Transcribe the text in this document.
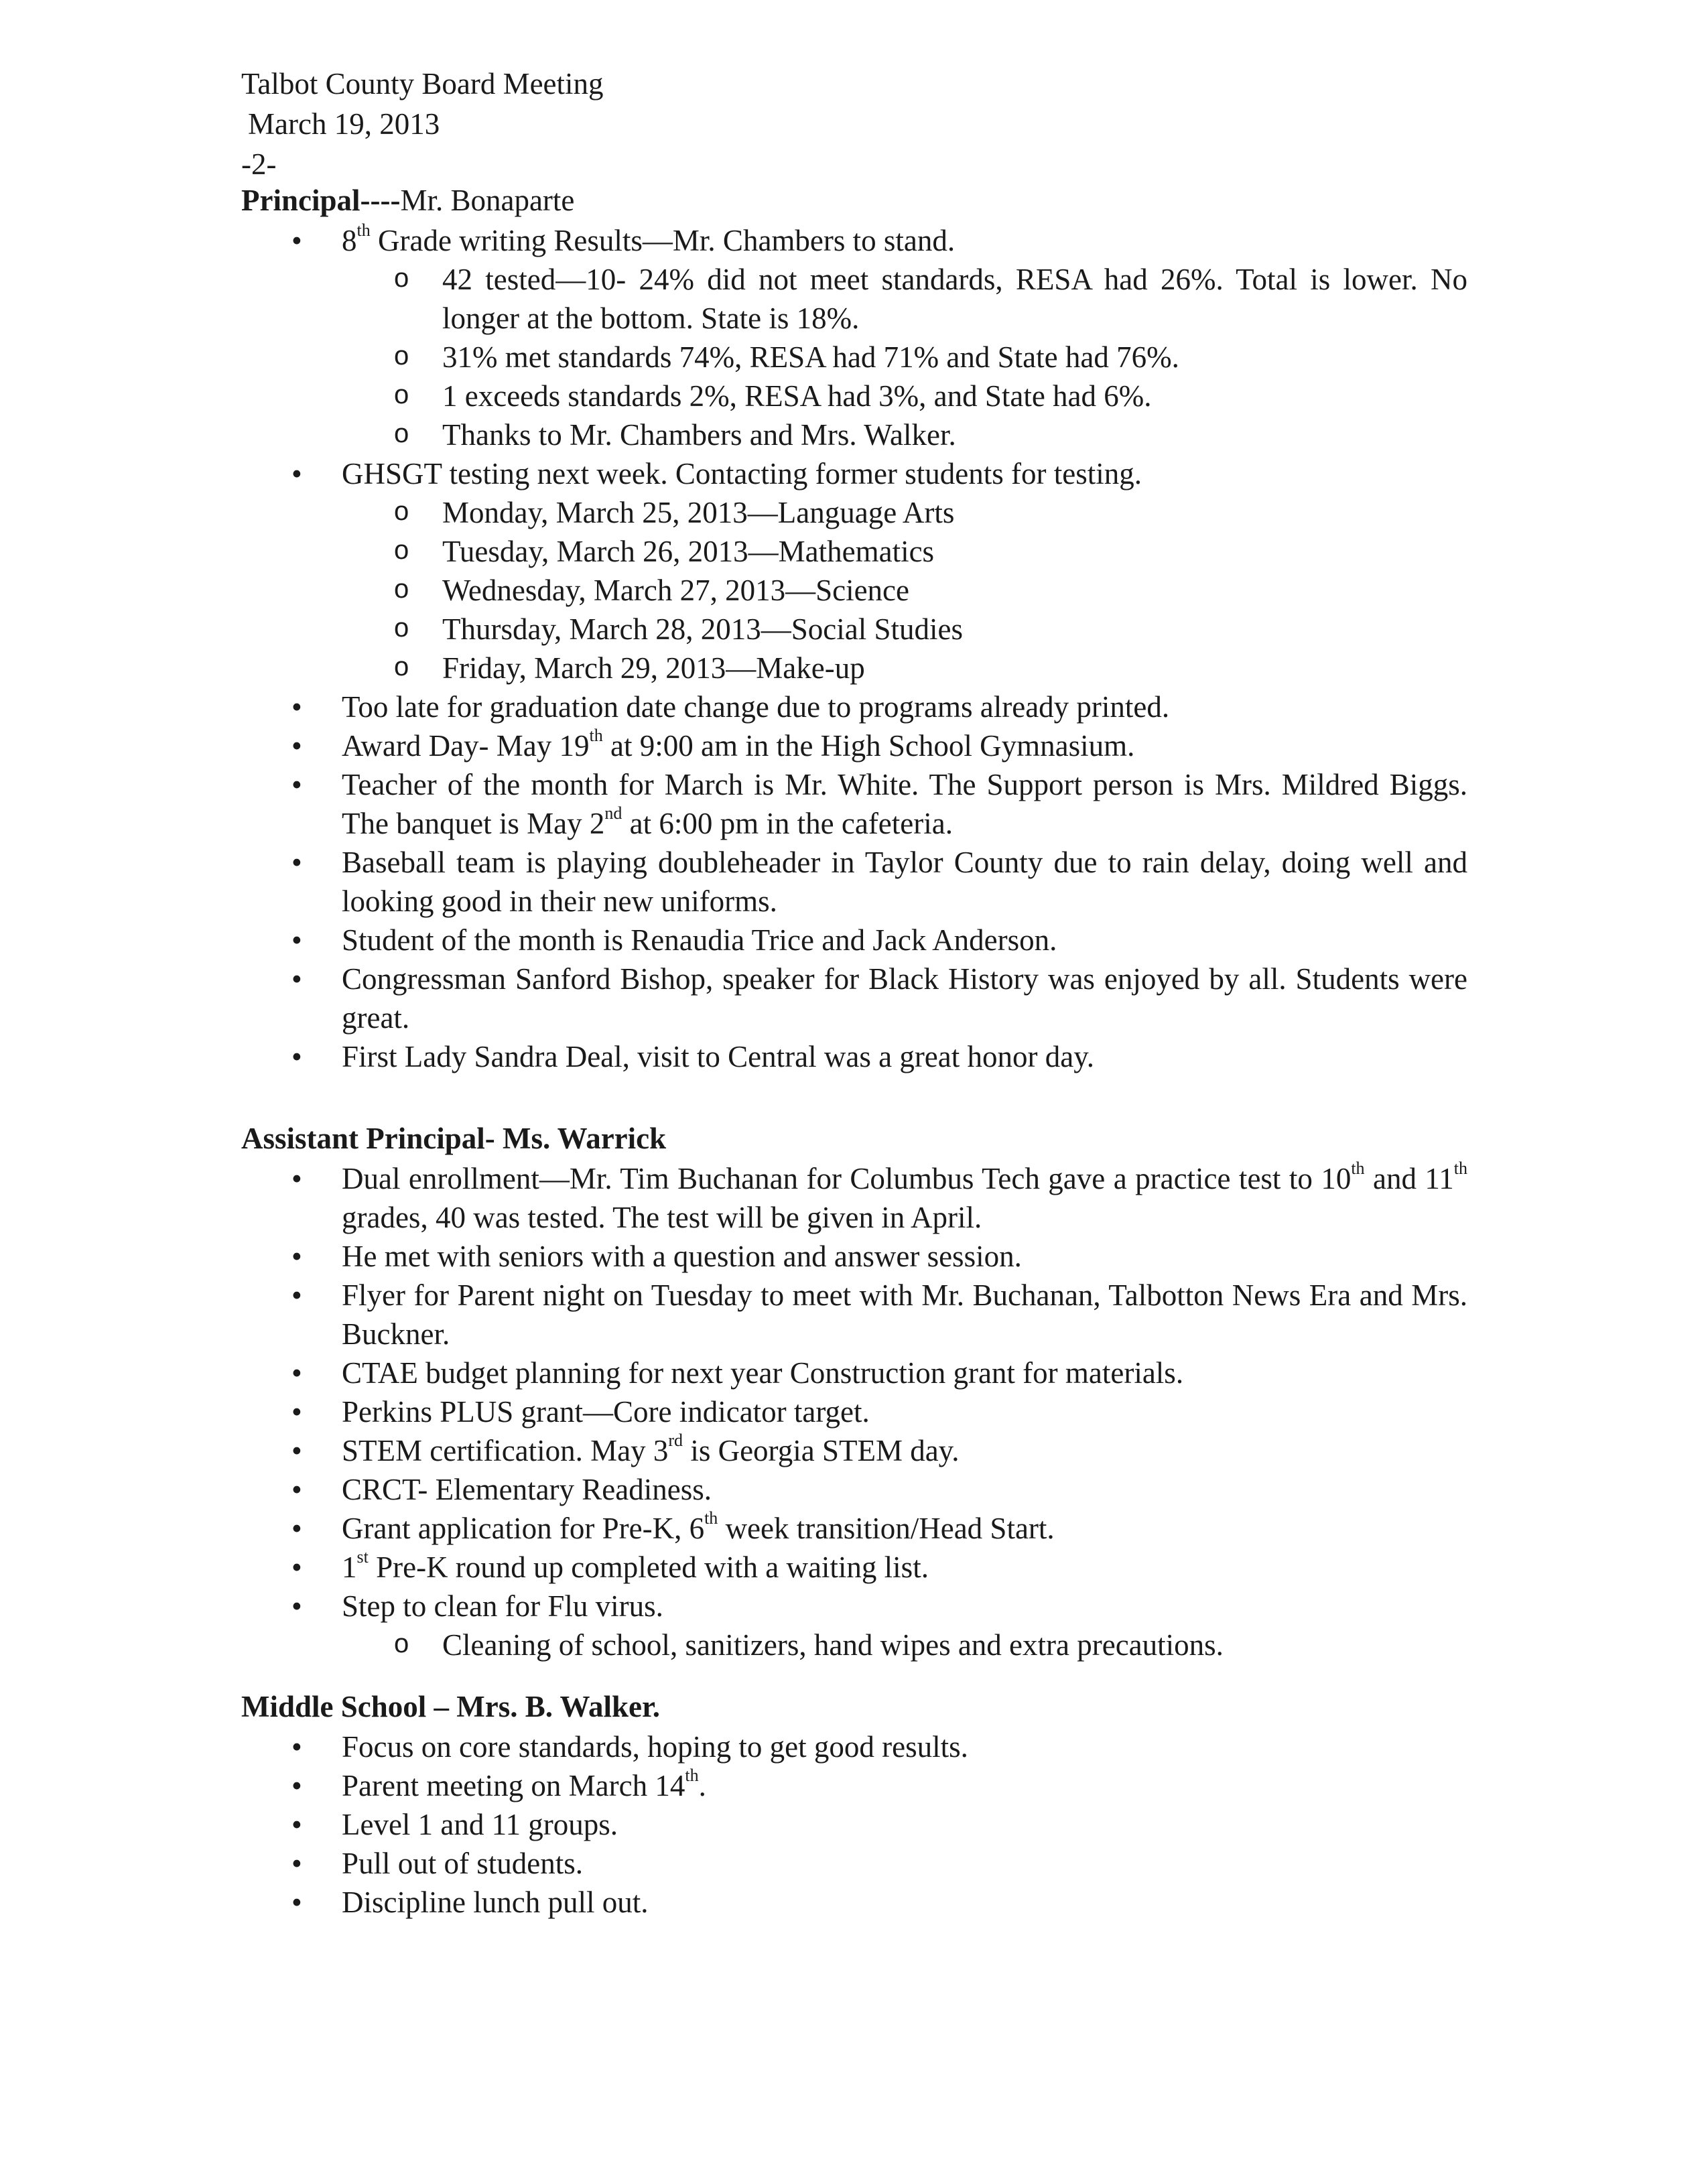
Talbot County Board Meeting
March 19, 2013
-2-
Principal----Mr. Bonaparte
• 8th Grade writing Results—Mr. Chambers to stand.
o 42 tested—10- 24% did not meet standards, RESA had 26%. Total is lower. No longer at the bottom. State is 18%.
o 31% met standards 74%, RESA had 71% and State had 76%.
o 1 exceeds standards 2%, RESA had 3%, and State had 6%.
o Thanks to Mr. Chambers and Mrs. Walker.
• GHSGT testing next week. Contacting former students for testing.
o Monday, March 25, 2013—Language Arts
o Tuesday, March 26, 2013—Mathematics
o Wednesday, March 27, 2013—Science
o Thursday, March 28, 2013—Social Studies
o Friday, March 29, 2013—Make-up
• Too late for graduation date change due to programs already printed.
• Award Day- May 19th at 9:00 am in the High School Gymnasium.
• Teacher of the month for March is Mr. White. The Support person is Mrs. Mildred Biggs. The banquet is May 2nd at 6:00 pm in the cafeteria.
• Baseball team is playing doubleheader in Taylor County due to rain delay, doing well and looking good in their new uniforms.
• Student of the month is Renaudia Trice and Jack Anderson.
• Congressman Sanford Bishop, speaker for Black History was enjoyed by all. Students were great.
• First Lady Sandra Deal, visit to Central was a great honor day.
Assistant Principal- Ms. Warrick
• Dual enrollment—Mr. Tim Buchanan for Columbus Tech gave a practice test to 10th and 11th grades, 40 was tested. The test will be given in April.
• He met with seniors with a question and answer session.
• Flyer for Parent night on Tuesday to meet with Mr. Buchanan, Talbotton News Era and Mrs. Buckner.
• CTAE budget planning for next year Construction grant for materials.
• Perkins PLUS grant—Core indicator target.
• STEM certification. May 3rd is Georgia STEM day.
• CRCT- Elementary Readiness.
• Grant application for Pre-K, 6th week transition/Head Start.
• 1st Pre-K round up completed with a waiting list.
• Step to clean for Flu virus.
o Cleaning of school, sanitizers, hand wipes and extra precautions.
Middle School – Mrs. B. Walker.
• Focus on core standards, hoping to get good results.
• Parent meeting on March 14th.
• Level 1 and 11 groups.
• Pull out of students.
• Discipline lunch pull out.
